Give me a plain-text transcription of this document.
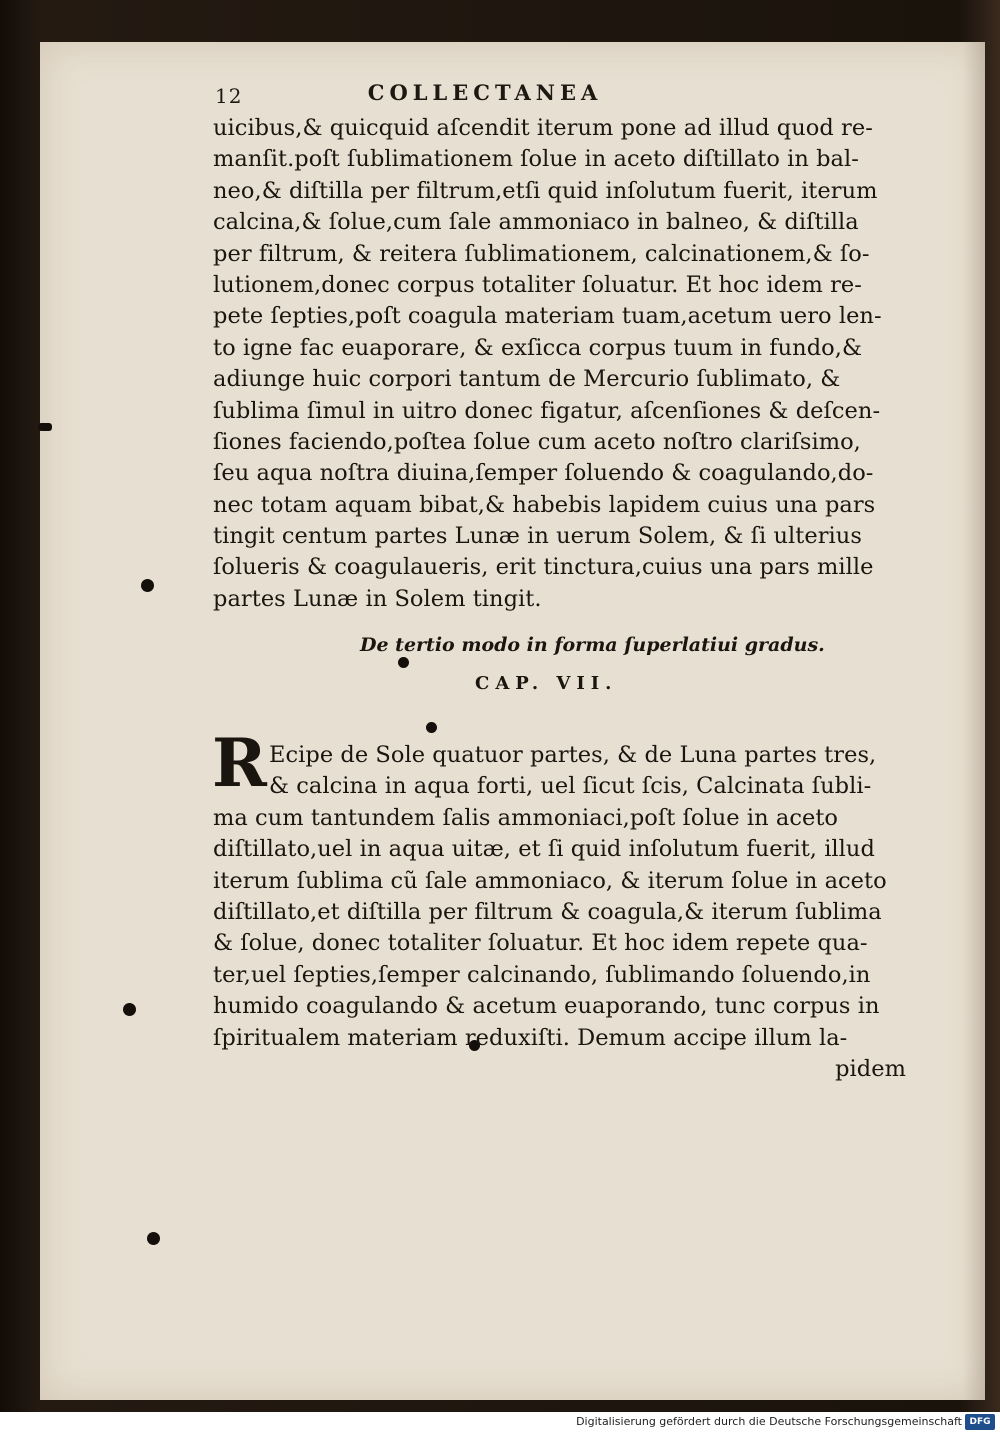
12	COLLECTANEA
uicibus,& quicquid aſcendit iterum pone ad illud quod re-
manſit.poſt ſublimationem ſolue in aceto diſtillato in bal-
neo,& diſtilla per filtrum,etſi quid inſolutum fuerit, iterum
calcina,& ſolue,cum ſale ammoniaco in balneo, & diſtilla
per filtrum, & reitera ſublimationem, calcinationem,& ſo-
lutionem,donec corpus totaliter ſoluatur. Et hoc idem re-
pete ſepties,poſt coagula materiam tuam,acetum uero len-
to igne fac euaporare, & exſicca corpus tuum in fundo,&
adiunge huic corpori tantum de Mercurio ſublimato, &
ſublima ſimul in uitro donec figatur, aſcenſiones & deſcen-
ſiones faciendo,poſtea ſolue cum aceto noſtro clariſsimo,
ſeu aqua noſtra diuina,ſemper ſoluendo & coagulando,do-
nec totam aquam bibat,& habebis lapidem cuius una pars
tingit centum partes Lunæ in uerum Solem, & ſi ulterius
ſolueris & coagulaueris, erit tinctura,cuius una pars mille
partes Lunæ in Solem tingit.
De tertio modo in forma ſuperlatiui gradus.
CAP. VII.
R Ecipe de Sole quatuor partes, & de Luna partes tres,
& calcina in aqua forti, uel ſicut ſcis, Calcinata ſubli-
ma cum tantundem ſalis ammoniaci,poſt ſolue in aceto
diſtillato,uel in aqua uitæ, et ſi quid inſolutum fuerit, illud
iterum ſublima cũ ſale ammoniaco, & iterum ſolue in aceto
diſtillato,et diſtilla per filtrum & coagula,& iterum ſublima
& ſolue, donec totaliter ſoluatur. Et hoc idem repete qua-
ter,uel ſepties,ſemper calcinando, ſublimando ſoluendo,in
humido coagulando & acetum euaporando, tunc corpus in
ſpiritualem materiam reduxiſti. Demum accipe illum la-
pidem
Digitalisierung gefördert durch die Deutsche Forschungsgemeinschaft DFG
